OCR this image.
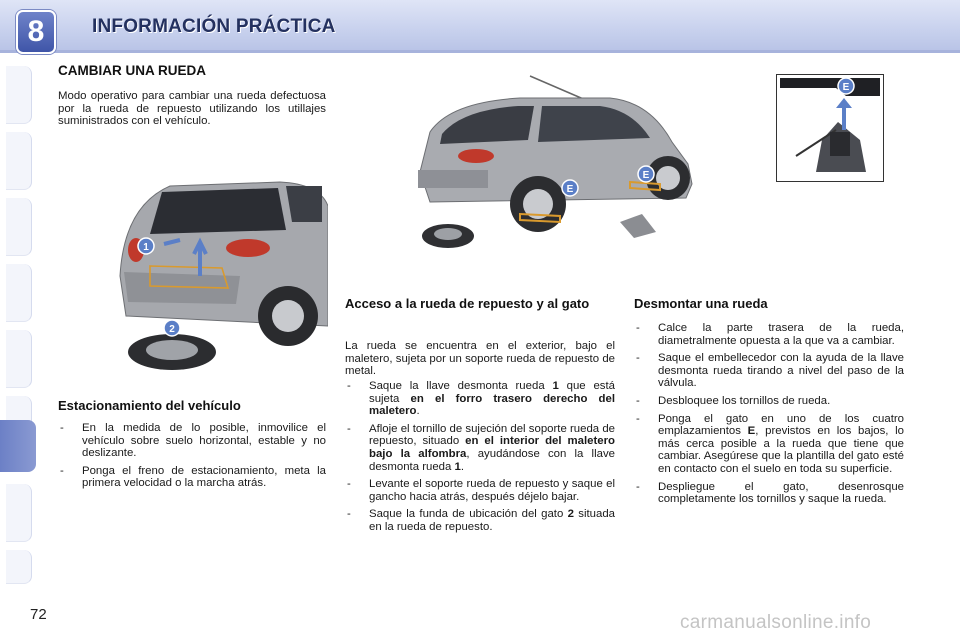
8	INFORMACIÓN PRÁCTICA
CAMBIAR UNA RUEDA

Modo operativo para cambiar una rueda defectuosa por la rueda de repuesto utilizando los utillajes suministrados con el vehículo.

E
E
E
1
2
Estacionamiento del vehículo
- En la medida de lo posible, inmovilice el vehículo sobre suelo horizontal, estable y no deslizante.
- Ponga el freno de estacionamiento, meta la primera velocidad o la marcha atrás.
Acceso a la rueda de repuesto y al gato

La rueda se encuentra en el exterior, bajo el maletero, sujeta por un soporte rueda de repuesto de metal.

- Saque la llave desmonta rueda 1 que está sujeta en el forro trasero derecho del maletero.
- Afloje el tornillo de sujeción del soporte rueda de repuesto, situado en el interior del maletero bajo la alfombra, ayudándose con la llave desmonta rueda 1.
- Levante el soporte rueda de repuesto y saque el gancho hacia atrás, después déjelo bajar.
- Saque la funda de ubicación del gato 2 situada en la rueda de repuesto.
Desmontar una rueda
- Calce la parte trasera de la rueda, diametralmente opuesta a la que va a cambiar.
- Saque el embellecedor con la ayuda de la llave desmonta rueda tirando a nivel del paso de la válvula.
- Desbloquee los tornillos de rueda.
- Ponga el gato en uno de los cuatro emplazamientos E, previstos en los bajos, lo más cerca posible a la rueda que tiene que cambiar. Asegúrese que la plantilla del gato esté en contacto con el suelo en toda su superficie.
- Despliegue el gato, desenrosque completamente los tornillos y saque la rueda.
72	carmanualsonline.info
